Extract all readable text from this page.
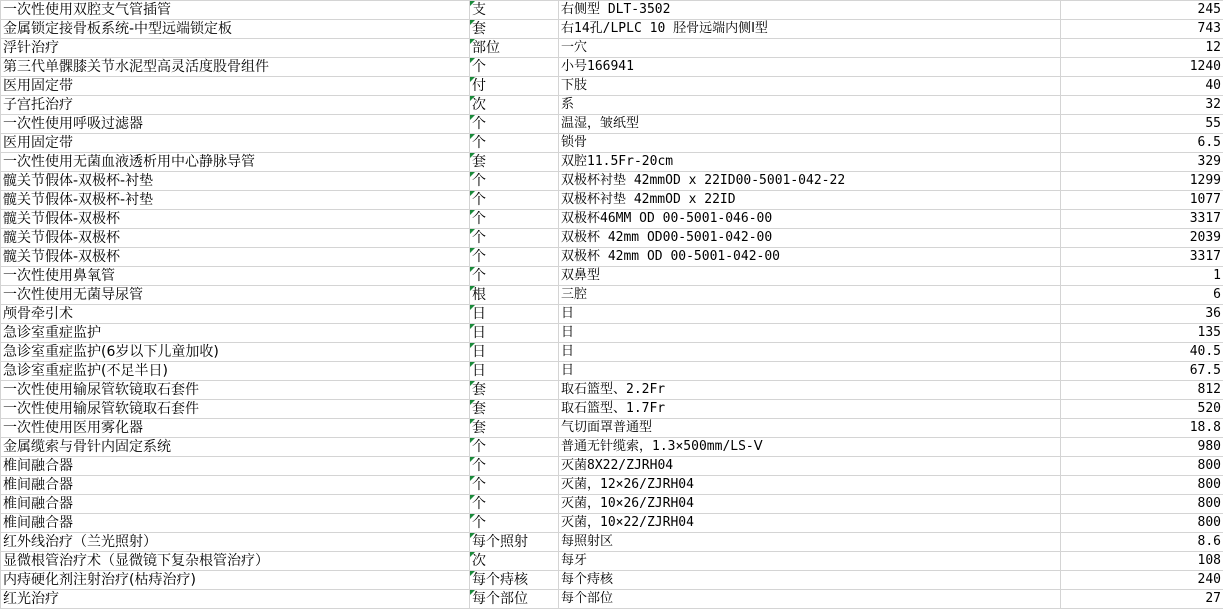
一次性使用双腔支气管插管	支	右侧型 DLT-3502	245
金属锁定接骨板系统-中型远端锁定板	套	右14孔/LPLC 10 胫骨远端内侧Ⅰ型	743
浮针治疗	部位	一穴	12
第三代单髁膝关节水泥型高灵活度股骨组件	个	小号166941	1240
医用固定带	付	下肢	40
子宫托治疗	次	系	32
一次性使用呼吸过滤器	个	温湿，皱纸型	55
医用固定带	个	锁骨	6.5
一次性使用无菌血液透析用中心静脉导管	套	双腔11.5Fr-20cm	329
髋关节假体-双极杯-衬垫	个	双极杯衬垫 42mmOD x 22ID00-5001-042-22	1299
髋关节假体-双极杯-衬垫	个	双极杯衬垫 42mmOD x 22ID	1077
髋关节假体-双极杯	个	双极杯46MM OD 00-5001-046-00	3317
髋关节假体-双极杯	个	双极杯 42mm OD00-5001-042-00	2039
髋关节假体-双极杯	个	双极杯 42mm OD 00-5001-042-00	3317
一次性使用鼻氧管	个	双鼻型	1
一次性使用无菌导尿管	根	三腔	6
颅骨牵引术	日	日	36
急诊室重症监护	日	日	135
急诊室重症监护(6岁以下儿童加收)	日	日	40.5
急诊室重症监护(不足半日)	日	日	67.5
一次性使用输尿管软镜取石套件	套	取石篮型、2.2Fr	812
一次性使用输尿管软镜取石套件	套	取石篮型、1.7Fr	520
一次性使用医用雾化器	套	气切面罩普通型	18.8
金属缆索与骨针内固定系统	个	普通无针缆索，1.3×500mm/LS-Ⅴ	980
椎间融合器	个	灭菌8X22/ZJRH04	800
椎间融合器	个	灭菌，12×26/ZJRH04	800
椎间融合器	个	灭菌，10×26/ZJRH04	800
椎间融合器	个	灭菌，10×22/ZJRH04	800
红外线治疗（兰光照射）	每个照射	每照射区	8.6
显微根管治疗术（显微镜下复杂根管治疗）	次	每牙	108
内痔硬化剂注射治疗(枯痔治疗)	每个痔核	每个痔核	240
红光治疗	每个部位	每个部位	27
